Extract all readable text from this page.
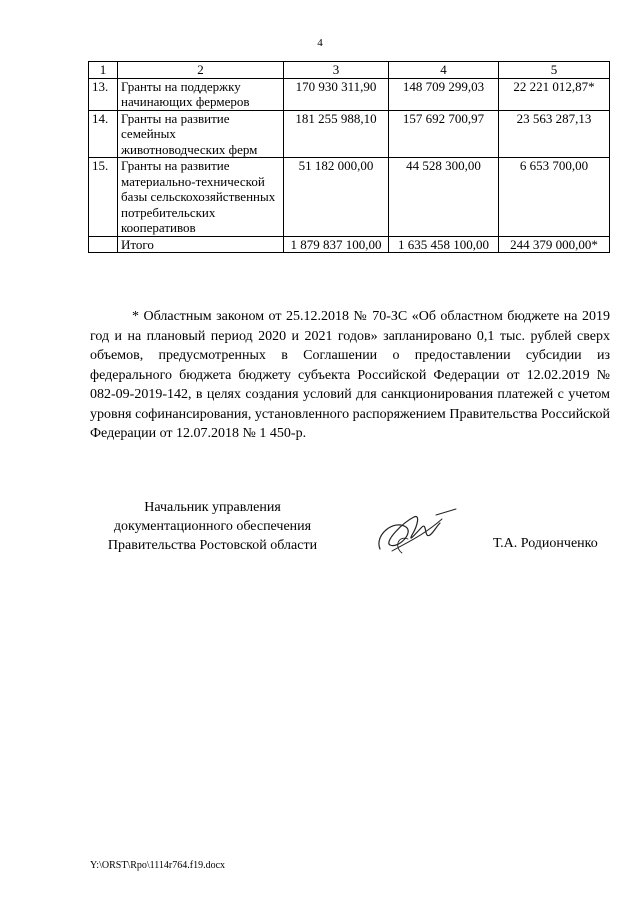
4
1	2	3	4	5
13.	Гранты на поддержку начинающих фермеров	170 930 311,90	148 709 299,03	22 221 012,87*
14.	Гранты на развитие семейных животноводческих ферм	181 255 988,10	157 692 700,97	23 563 287,13
15.	Гранты на развитие материально-технической базы сельскохозяйственных потребительских кооперативов	51 182 000,00	44 528 300,00	6 653 700,00
	Итого	1 879 837 100,00	1 635 458 100,00	244 379 000,00*

* Областным законом от 25.12.2018 № 70-ЗС «Об областном бюджете на 2019 год и на плановый период 2020 и 2021 годов» запланировано 0,1 тыс. рублей сверх объемов, предусмотренных в Соглашении о предоставлении субсидии из федерального бюджета бюджету субъекта Российской Федерации от 12.02.2019 № 082-09-2019-142, в целях создания условий для санкционирования платежей с учетом уровня софинансирования, установленного распоряжением Правительства Российской Федерации от 12.07.2018 № 1 450-р.

Начальник управления
документационного обеспечения
Правительства Ростовской области	Т.А. Родионченко
Y:\ORST\Rpo\1114r764.f19.docx
